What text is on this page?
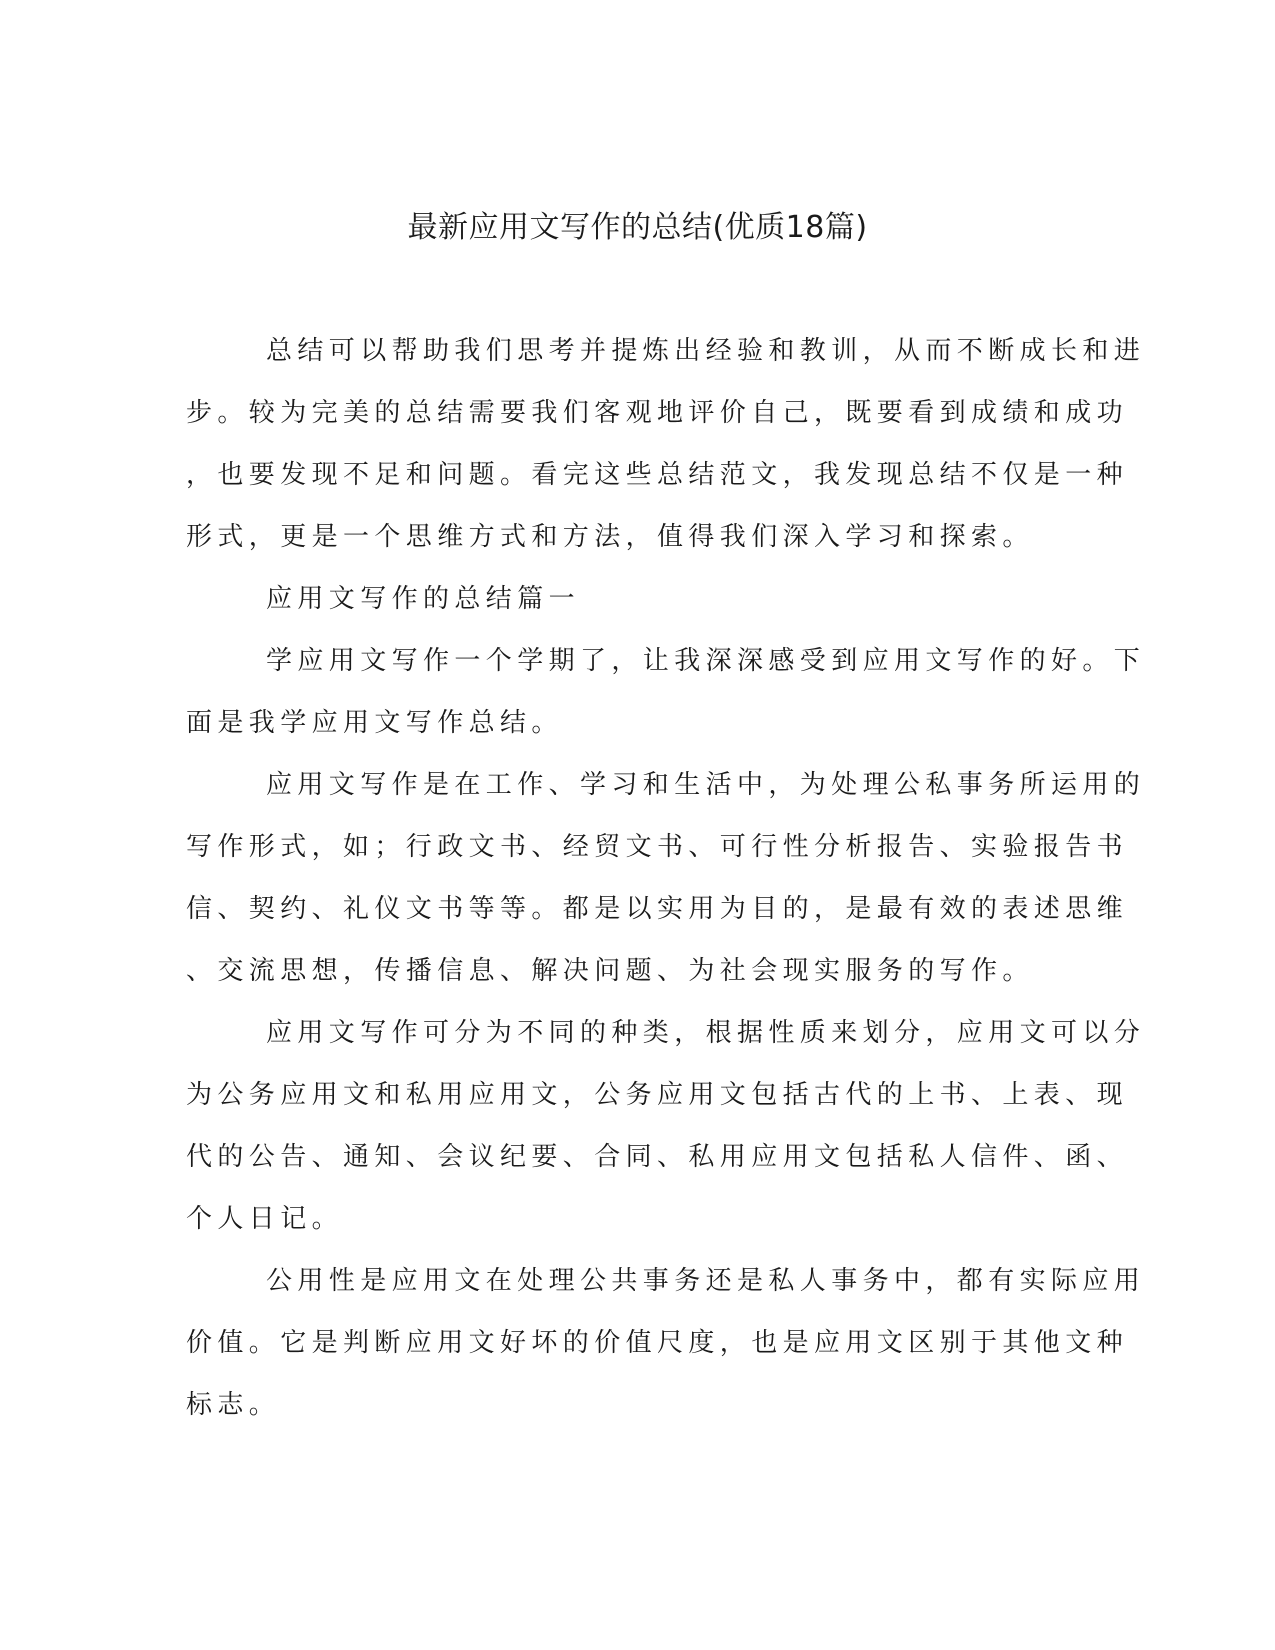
最新应用文写作的总结(优质18篇)
总结可以帮助我们思考并提炼出经验和教训，从而不断成长和进
步。较为完美的总结需要我们客观地评价自己，既要看到成绩和成功
，也要发现不足和问题。看完这些总结范文，我发现总结不仅是一种
形式，更是一个思维方式和方法，值得我们深入学习和探索。
应用文写作的总结篇一
学应用文写作一个学期了，让我深深感受到应用文写作的好。下
面是我学应用文写作总结。
应用文写作是在工作、学习和生活中，为处理公私事务所运用的
写作形式，如；行政文书、经贸文书、可行性分析报告、实验报告书
信、契约、礼仪文书等等。都是以实用为目的，是最有效的表述思维
、交流思想，传播信息、解决问题、为社会现实服务的写作。
应用文写作可分为不同的种类，根据性质来划分，应用文可以分
为公务应用文和私用应用文，公务应用文包括古代的上书、上表、现
代的公告、通知、会议纪要、合同、私用应用文包括私人信件、函、
个人日记。
公用性是应用文在处理公共事务还是私人事务中，都有实际应用
价值。它是判断应用文好坏的价值尺度，也是应用文区别于其他文种
标志。
